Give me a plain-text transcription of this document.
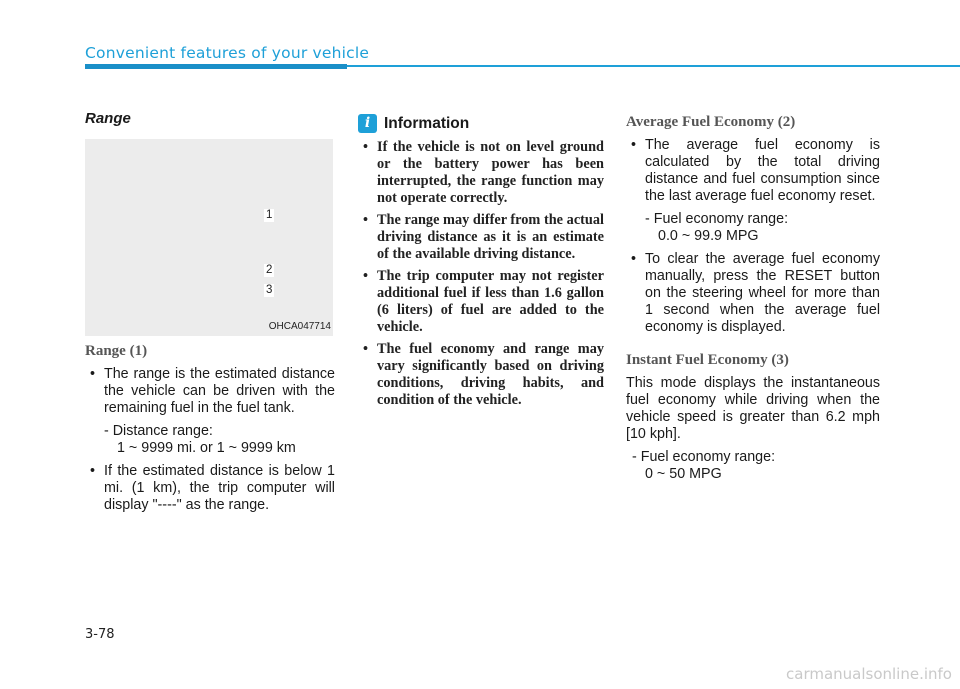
Convenient features of your vehicle
Range
1
2
3
OHCA047714
Range (1)
• The range is the estimated distance the vehicle can be driven with the remaining fuel in the fuel tank.
- Distance range:
1 ~ 9999 mi. or 1 ~ 9999 km
• If the estimated distance is below 1 mi. (1 km), the trip computer will display "----" as the range.
i Information
• If the vehicle is not on level ground or the battery power has been interrupted, the range function may not operate correctly.
• The range may differ from the actual driving distance as it is an estimate of the available driving distance.
• The trip computer may not register additional fuel if less than 1.6 gallon (6 liters) of fuel are added to the vehicle.
• The fuel economy and range may vary significantly based on driving conditions, driving habits, and condition of the vehicle.
Average Fuel Economy (2)
• The average fuel economy is calculated by the total driving distance and fuel consumption since the last average fuel economy reset.
- Fuel economy range:
0.0 ~ 99.9 MPG
• To clear the average fuel economy manually, press the RESET button on the steering wheel for more than 1 second when the average fuel economy is displayed.
Instant Fuel Economy (3)

This mode displays the instantaneous fuel economy while driving when the vehicle speed is greater than 6.2 mph [10 kph].

- Fuel economy range:
0 ~ 50 MPG
3-78
carmanualsonline.info
